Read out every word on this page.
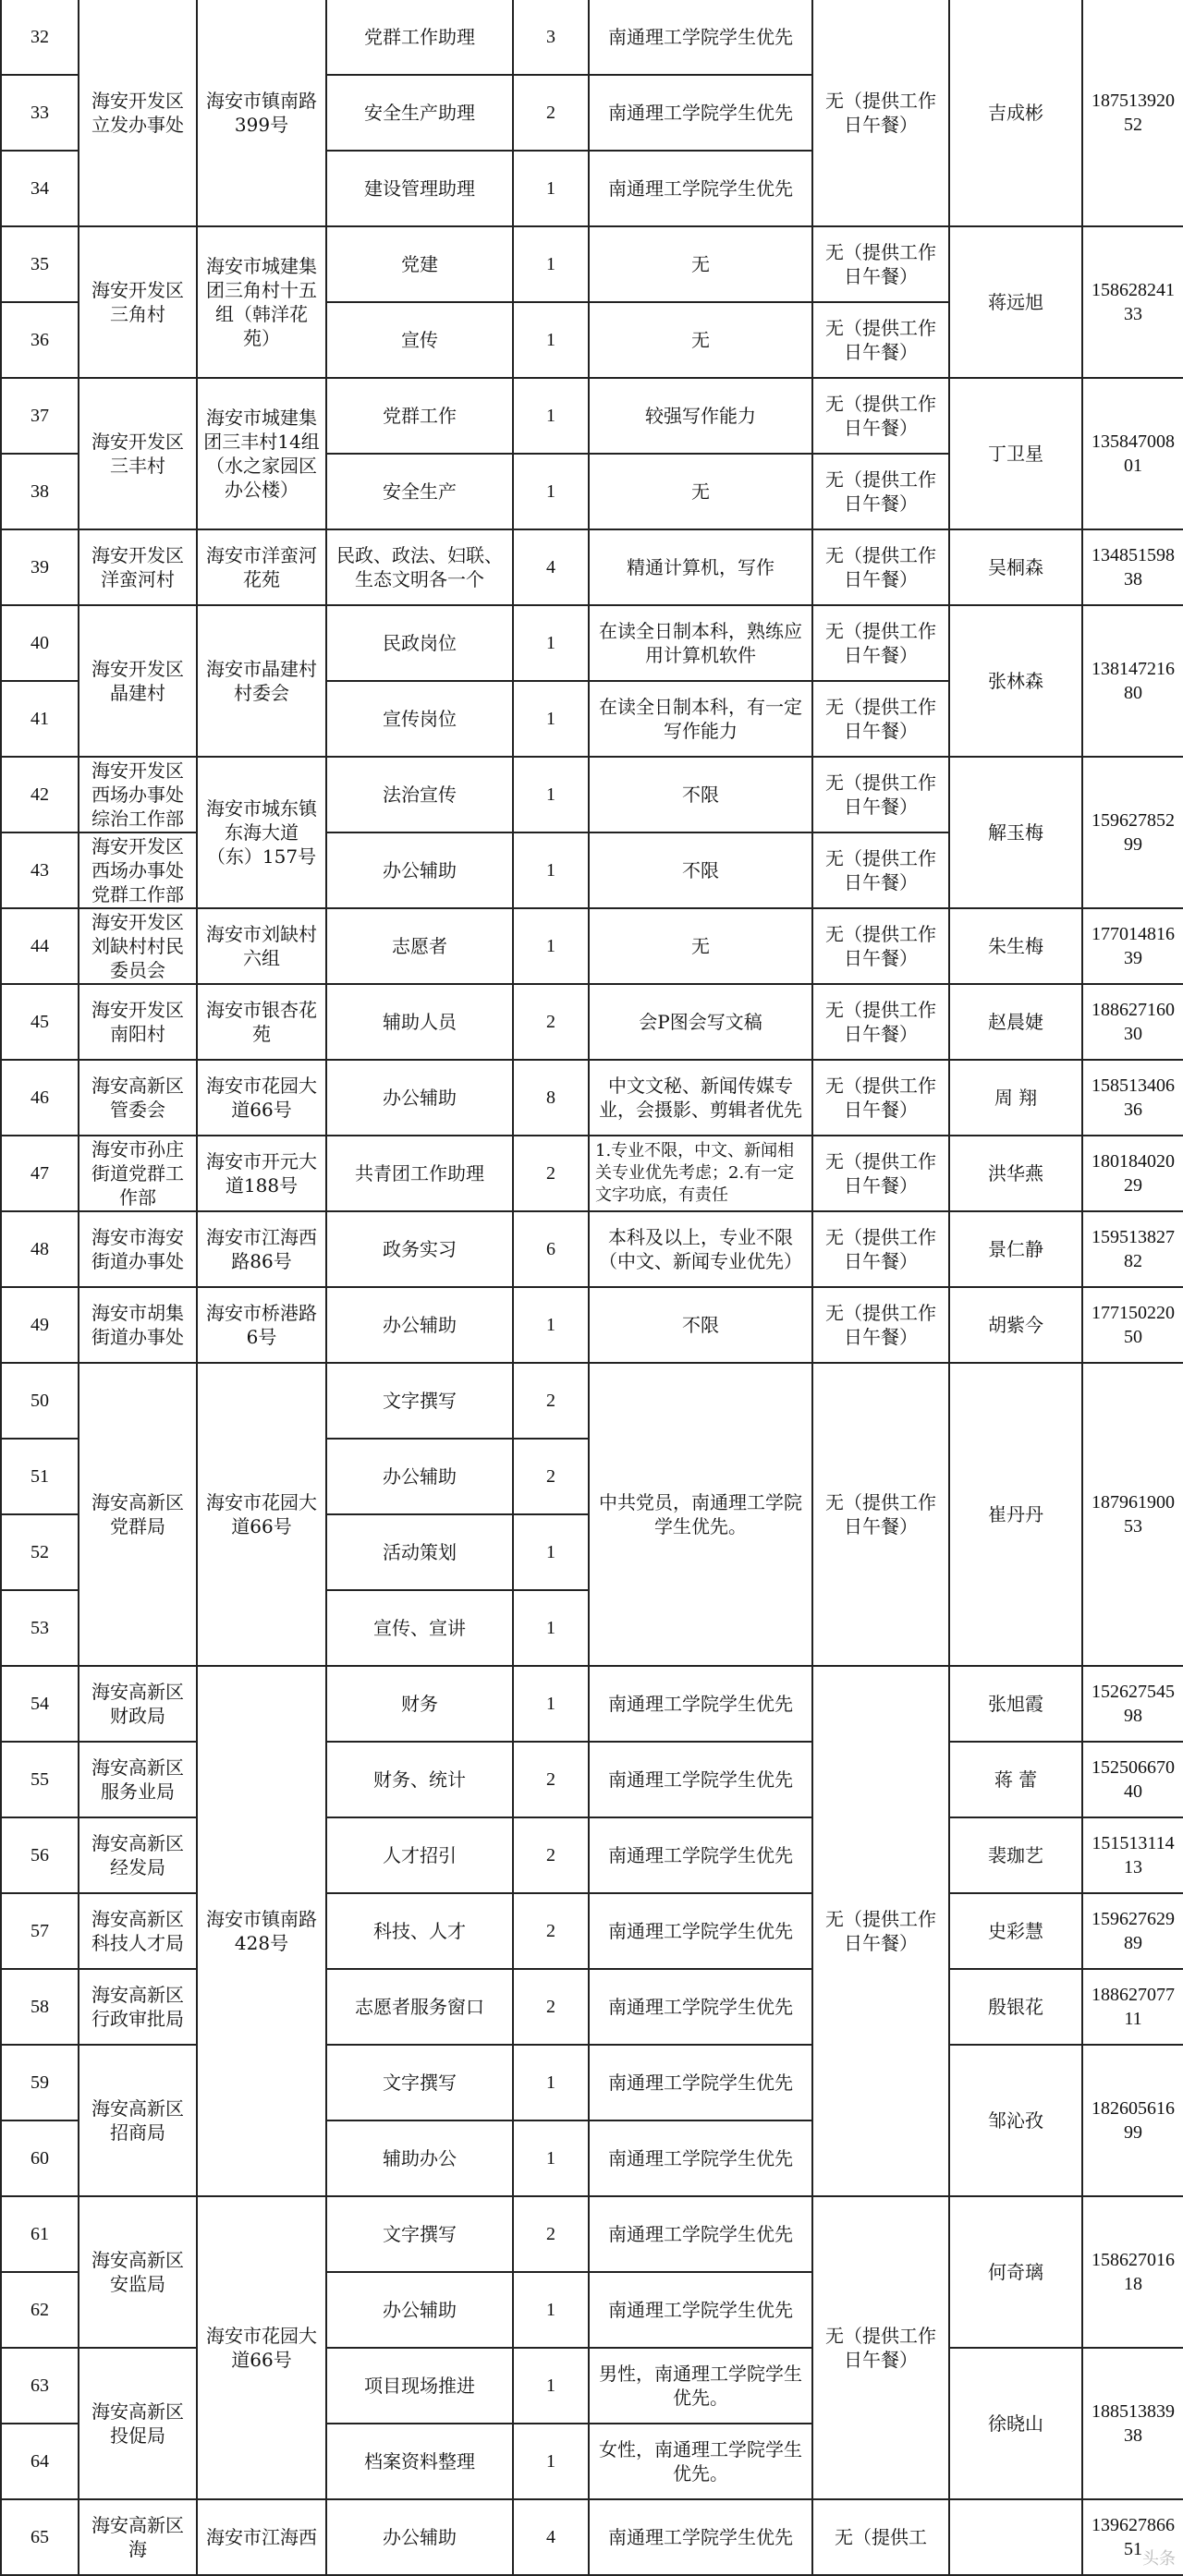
32	海安开发区立发办事处	海安市镇南路399号	党群工作助理	3	南通理工学院学生优先	无（提供工作日午餐）	吉成彬	18751392052
33			安全生产助理	2	南通理工学院学生优先			
34			建设管理助理	1	南通理工学院学生优先			
35	海安开发区三角村	海安市城建集团三角村十五组（韩洋花苑）	党建	1	无	无（提供工作日午餐）	蒋远旭	15862824133
36			宣传	1	无	无（提供工作日午餐）		
37	海安开发区三丰村	海安市城建集团三丰村14组（水之家园区办公楼）	党群工作	1	较强写作能力	无（提供工作日午餐）	丁卫星	13584700801
38			安全生产	1	无	无（提供工作日午餐）		
39	海安开发区洋蛮河村	海安市洋蛮河花苑	民政、政法、妇联、生态文明各一个	4	精通计算机，写作	无（提供工作日午餐）	吴桐森	13485159838
40	海安开发区晶建村	海安市晶建村村委会	民政岗位	1	在读全日制本科，熟练应用计算机软件	无（提供工作日午餐）	张林森	13814721680
41			宣传岗位	1	在读全日制本科，有一定写作能力	无（提供工作日午餐）		
42	海安开发区西场办事处综治工作部	海安市城东镇东海大道（东）157号	法治宣传	1	不限	无（提供工作日午餐）	解玉梅	15962785299
43	海安开发区西场办事处党群工作部		办公辅助	1	不限	无（提供工作日午餐）		
44	海安开发区刘缺村村民委员会	海安市刘缺村六组	志愿者	1	无	无（提供工作日午餐）	朱生梅	17701481639
45	海安开发区南阳村	海安市银杏花苑	辅助人员	2	会P图会写文稿	无（提供工作日午餐）	赵晨婕	18862716030
46	海安高新区管委会	海安市花园大道66号	办公辅助	8	中文文秘、新闻传媒专业，会摄影、剪辑者优先	无（提供工作日午餐）	周 翔	15851340636
47	海安市孙庄街道党群工作部	海安市开元大道188号	共青团工作助理	2	1.专业不限，中文、新闻相关专业优先考虑；2.有一定文字功底，有责任	无（提供工作日午餐）	洪华燕	18018402029
48	海安市海安街道办事处	海安市江海西路86号	政务实习	6	本科及以上，专业不限（中文、新闻专业优先）	无（提供工作日午餐）	景仁静	15951382782
49	海安市胡集街道办事处	海安市桥港路6号	办公辅助	1	不限	无（提供工作日午餐）	胡紫今	17715022050
50	海安高新区党群局	海安市花园大道66号	文字撰写	2	中共党员，南通理工学院学生优先。	无（提供工作日午餐）	崔丹丹	18796190053
51			办公辅助	2				
52			活动策划	1				
53			宣传、宣讲	1				
54	海安高新区财政局	海安市镇南路428号	财务	1	南通理工学院学生优先	无（提供工作日午餐）	张旭霞	15262754598
55	海安高新区服务业局		财务、统计	2	南通理工学院学生优先		蒋 蕾	15250667040
56	海安高新区经发局		人才招引	2	南通理工学院学生优先		裴珈艺	15151311413
57	海安高新区科技人才局		科技、人才	2	南通理工学院学生优先		史彩慧	15962762989
58	海安高新区行政审批局		志愿者服务窗口	2	南通理工学院学生优先		殷银花	18862707711
59	海安高新区招商局		文字撰写	1	南通理工学院学生优先		邹沁孜	18260561699
60			辅助办公	1	南通理工学院学生优先			
61	海安高新区安监局	海安市花园大道66号	文字撰写	2	南通理工学院学生优先	无（提供工作日午餐）	何奇璃	15862701618
62			办公辅助	1	南通理工学院学生优先			
63	海安高新区投促局		项目现场推进	1	男性，南通理工学院学生优先。		徐晓山	18851383938
64			档案资料整理	1	女性，南通理工学院学生优先。			
65	海安高新区海	海安市江海西	办公辅助	4	南通理工学院学生优先	无（提供工		13962786651 头条
